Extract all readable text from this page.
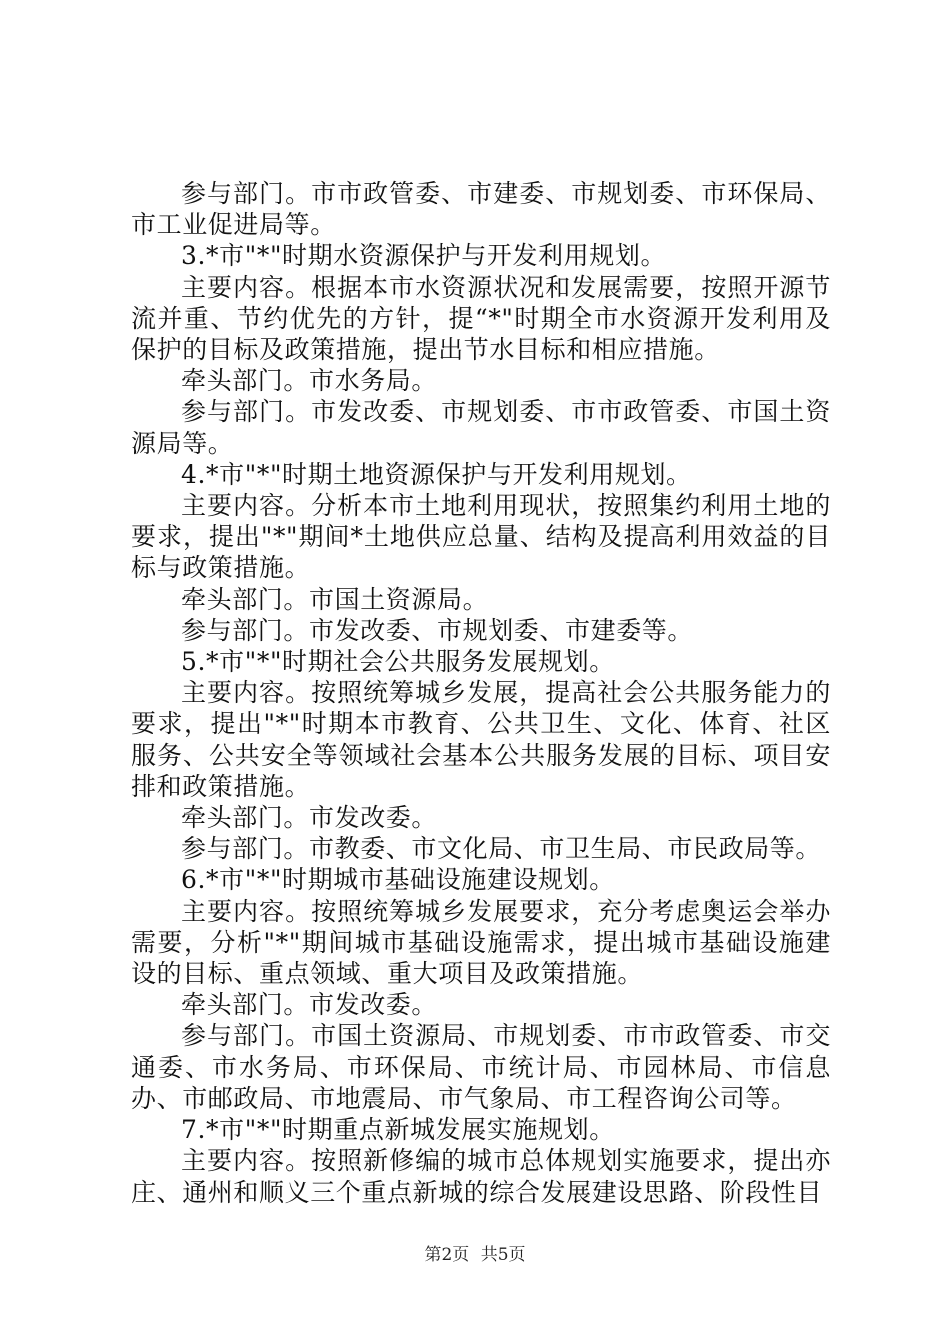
参与部门。市市政管委、市建委、市规划委、市环保局、市工业促进局等。

3.*市"*"时期水资源保护与开发利用规划。

主要内容。根据本市水资源状况和发展需要，按照开源节流并重、节约优先的方针，提“*"时期全市水资源开发利用及保护的目标及政策措施，提出节水目标和相应措施。

牵头部门。市水务局。

参与部门。市发改委、市规划委、市市政管委、市国土资源局等。

4.*市"*"时期土地资源保护与开发利用规划。

主要内容。分析本市土地利用现状，按照集约利用土地的要求，提出"*"期间*土地供应总量、结构及提高利用效益的目标与政策措施。

牵头部门。市国土资源局。

参与部门。市发改委、市规划委、市建委等。

5.*市"*"时期社会公共服务发展规划。

主要内容。按照统筹城乡发展，提高社会公共服务能力的要求，提出"*"时期本市教育、公共卫生、文化、体育、社区服务、公共安全等领域社会基本公共服务发展的目标、项目安排和政策措施。

牵头部门。市发改委。

参与部门。市教委、市文化局、市卫生局、市民政局等。

6.*市"*"时期城市基础设施建设规划。

主要内容。按照统筹城乡发展要求，充分考虑奥运会举办需要，分析"*"期间城市基础设施需求，提出城市基础设施建设的目标、重点领域、重大项目及政策措施。

牵头部门。市发改委。

参与部门。市国土资源局、市规划委、市市政管委、市交通委、市水务局、市环保局、市统计局、市园林局、市信息办、市邮政局、市地震局、市气象局、市工程咨询公司等。

7.*市"*"时期重点新城发展实施规划。

主要内容。按照新修编的城市总体规划实施要求，提出亦庄、通州和顺义三个重点新城的综合发展建设思路、阶段性目

第2页 共5页
